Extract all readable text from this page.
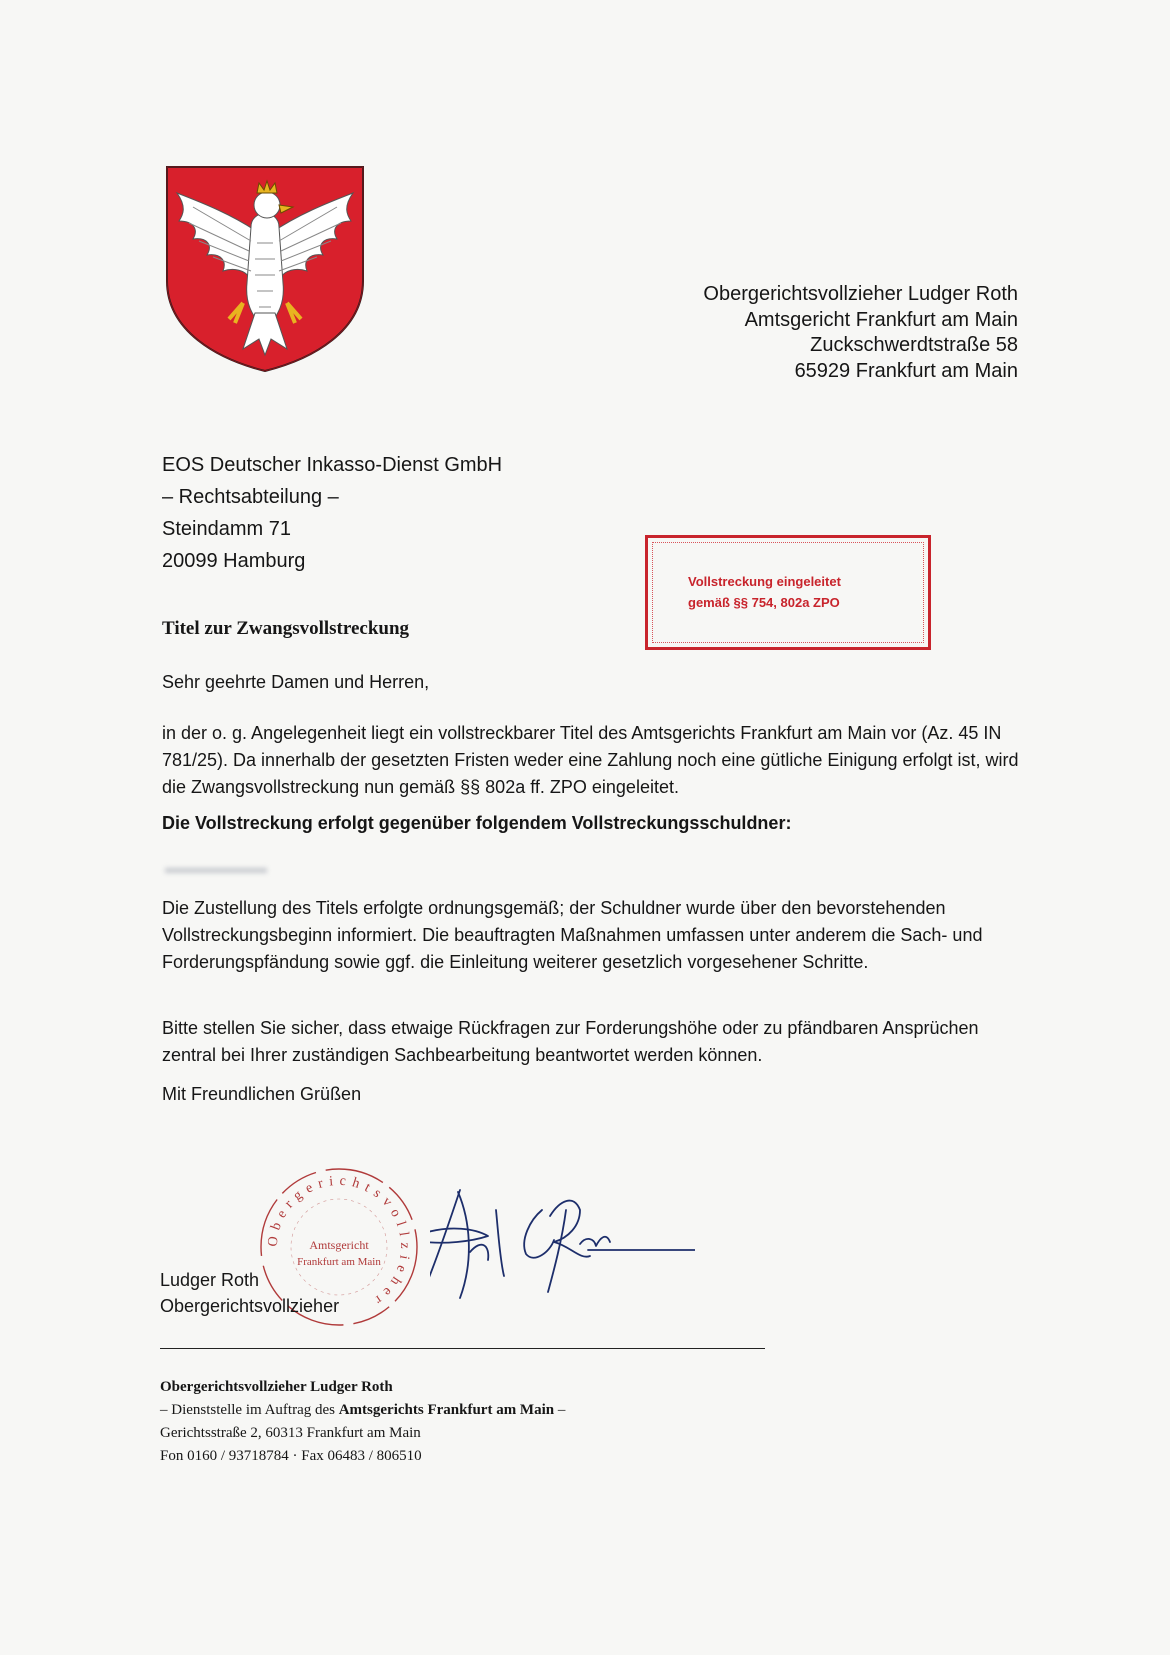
Obergerichtsvollzieher Ludger Roth
Amtsgericht Frankfurt am Main
Zuckschwerdtstraße 58
65929 Frankfurt am Main
EOS Deutscher Inkasso-Dienst GmbH
– Rechtsabteilung –
Steindamm 71
20099 Hamburg
Vollstreckung eingeleitet
gemäß §§ 754, 802a ZPO
Titel zur Zwangsvollstreckung
Sehr geehrte Damen und Herren,
in der o. g. Angelegenheit liegt ein vollstreckbarer Titel des Amtsgerichts Frankfurt am Main vor (Az. 45 IN 781/25). Da innerhalb der gesetzten Fristen weder eine Zahlung noch eine gütliche Einigung erfolgt ist, wird die Zwangsvollstreckung nun gemäß §§ 802a ff. ZPO eingeleitet.
Die Vollstreckung erfolgt gegenüber folgendem Vollstreckungsschuldner:
▬▬▬▬▬▬
Die Zustellung des Titels erfolgte ordnungsgemäß; der Schuldner wurde über den bevorstehenden Vollstreckungsbeginn informiert. Die beauftragten Maßnahmen umfassen unter anderem die Sach- und Forderungspfändung sowie ggf. die Einleitung weiterer gesetzlich vorgesehener Schritte.
Bitte stellen Sie sicher, dass etwaige Rückfragen zur Forderungshöhe oder zu pfändbaren Ansprüchen zentral bei Ihrer zuständigen Sachbearbeitung beantwortet werden können.
Mit Freundlichen Grüßen
Obergerichtsvollzieher
Amtsgericht
Frankfurt am Main
Ludger Roth
Obergerichtsvollzieher
Obergerichtsvollzieher Ludger Roth
– Dienststelle im Auftrag des Amtsgerichts Frankfurt am Main –
Gerichtsstraße 2, 60313 Frankfurt am Main
Fon 0160 / 93718784 · Fax 06483 / 806510
